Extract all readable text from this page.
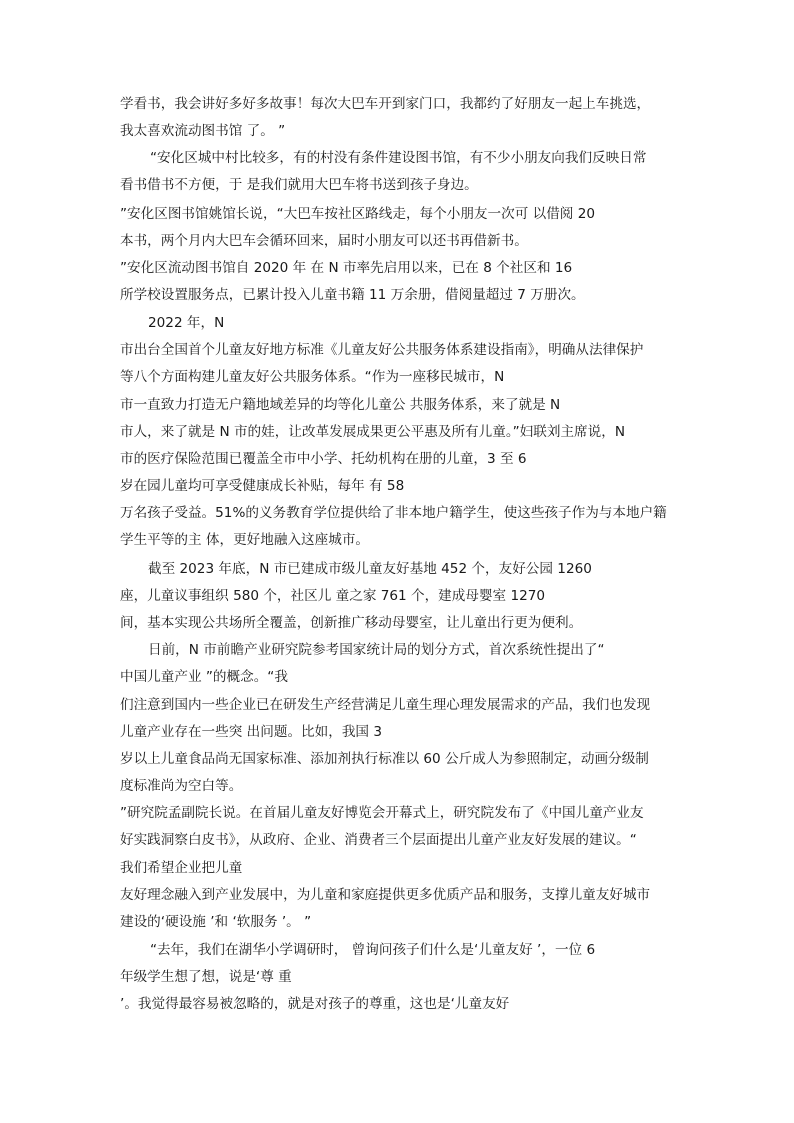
学看书，我会讲好多好多故事！每次大巴车开到家门口，我都约了好朋友一起上车挑选，
我太喜欢流动图书馆 了。 ”
“安化区城中村比较多，有的村没有条件建设图书馆，有不少小朋友向我们反映日常
看书借书不方便，于 是我们就用大巴车将书送到孩子身边。
”安化区图书馆姚馆长说，“大巴车按社区路线走，每个小朋友一次可 以借阅 20
本书，两个月内大巴车会循环回来，届时小朋友可以还书再借新书。
”安化区流动图书馆自 2020 年 在 N 市率先启用以来，已在 8 个社区和 16
所学校设置服务点，已累计投入儿童书籍 11 万余册，借阅量超过 7 万册次。
2022 年，N
市出台全国首个儿童友好地方标准《儿童友好公共服务体系建设指南》，明确从法律保护
等八个方面构建儿童友好公共服务体系。“作为一座移民城市，N
市一直致力打造无户籍地域差异的均等化儿童公 共服务体系，来了就是 N
市人，来了就是 N 市的娃，让改革发展成果更公平惠及所有儿童。”妇联刘主席说，N
市的医疗保险范围已覆盖全市中小学、托幼机构在册的儿童，3 至 6
岁在园儿童均可享受健康成长补贴，每年 有 58
万名孩子受益。51%的义务教育学位提供给了非本地户籍学生，使这些孩子作为与本地户籍
学生平等的主 体，更好地融入这座城市。
截至 2023 年底，N 市已建成市级儿童友好基地 452 个，友好公园 1260
座，儿童议事组织 580 个，社区儿 童之家 761 个，建成母婴室 1270
间，基本实现公共场所全覆盖，创新推广移动母婴室，让儿童出行更为便利。
日前，N 市前瞻产业研究院参考国家统计局的划分方式，首次系统性提出了“
中国儿童产业 ”的概念。“我
们注意到国内一些企业已在研发生产经营满足儿童生理心理发展需求的产品，我们也发现
儿童产业存在一些突 出问题。比如，我国 3
岁以上儿童食品尚无国家标准、添加剂执行标准以 60 公斤成人为参照制定，动画分级制
度标准尚为空白等。
”研究院孟副院长说。在首届儿童友好博览会开幕式上，研究院发布了《中国儿童产业友
好实践洞察白皮书》，从政府、企业、消费者三个层面提出儿童产业友好发展的建议。“
我们希望企业把儿童
友好理念融入到产业发展中，为儿童和家庭提供更多优质产品和服务，支撑儿童友好城市
建设的‘硬设施 ’和 ‘软服务 ’。 ”
“去年，我们在湖华小学调研时， 曾询问孩子们什么是‘儿童友好 ’，一位 6
年级学生想了想，说是‘尊 重
’。我觉得最容易被忽略的，就是对孩子的尊重，这也是‘儿童友好
